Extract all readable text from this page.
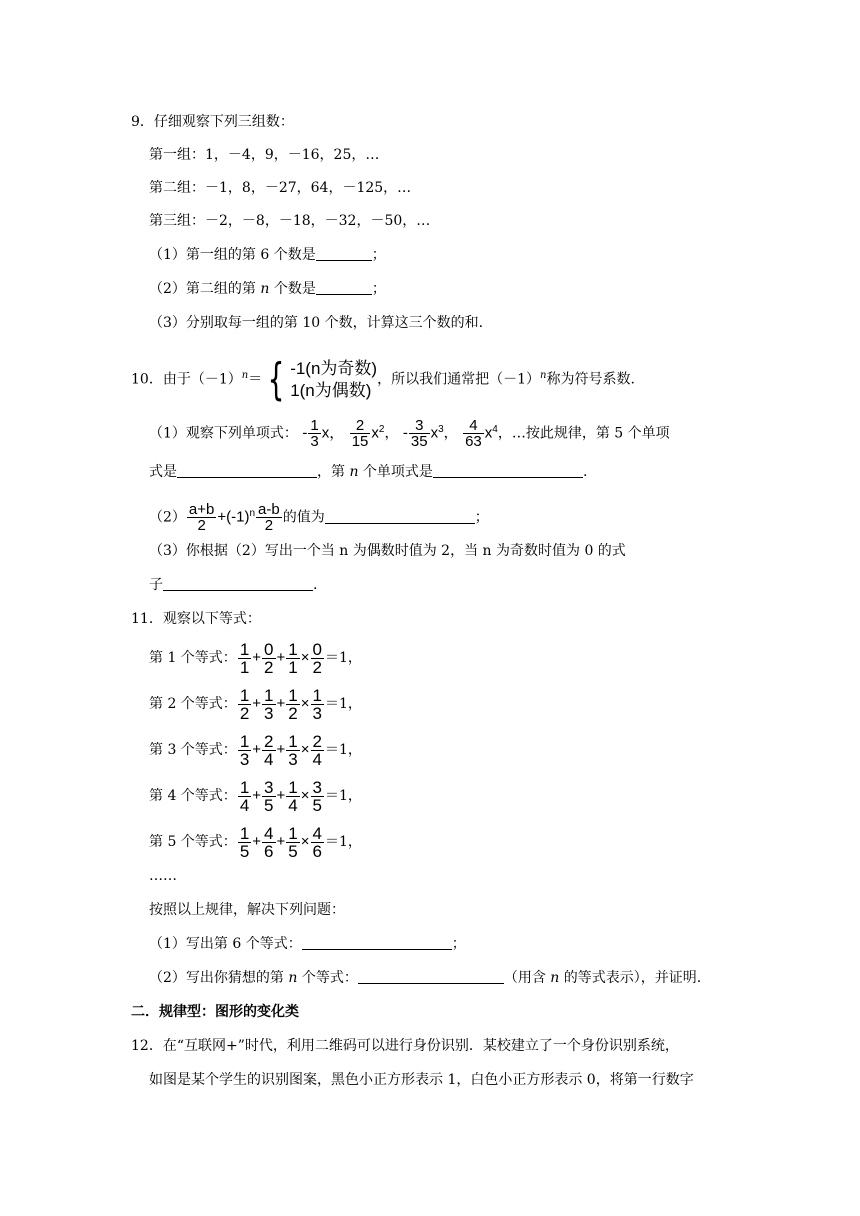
9．仔细观察下列三组数：
第一组：1，－4，9，－16，25，…
第二组：－1，8，－27，64，－125，…
第三组：－2，－8，－18，－32，－50，…
（1）第一组的第 6 个数是	；
（2）第二组的第 n 个数是	；
（3）分别取每一组的第 10 个数，计算这三个数的和.
10．由于$(-1)^n=$ { -1(n为奇数)
1(n为偶数)
，所以我们通常把$(-1)^n$称为符号系数.
（1）观察下列单项式： - $\frac{1}{3}$ x， $\frac{2}{15} x^2$， - $\frac{3}{35} x^3$， $\frac{4}{63} x^4$，…按此规律，第 5 个单项
式是	，第 n 个单项式是	.
$(2) \frac{a+b}{2} +(-1)^n \frac{a-b}{2}$ 的值为	；
（3）你根据（2）写出一个当 n 为偶数时值为 2，当 n 为奇数时值为 0 的式
子	.
11．观察以下等式：
第 1 个等式： $\frac{1}{1} + \frac{0}{2} + \frac{1}{1} \times \frac{0}{2} =1$，
第 2 个等式： $\frac{1}{2} + \frac{1}{3} + \frac{1}{2} \times \frac{1}{3} =1$，
第 3 个等式： $\frac{1}{3} + \frac{2}{4} + \frac{1}{3} \times \frac{2}{4} =1$，
第 4 个等式： $\frac{1}{4} + \frac{3}{5} + \frac{1}{4} \times \frac{3}{5} =1$，
第 5 个等式： $\frac{1}{5} + \frac{4}{6} + \frac{1}{5} \times \frac{4}{6} =1$，
……
按照以上规律，解决下列问题：
（1）写出第 6 个等式：	；
（2）写出你猜想的第 n 个等式：	（用含 n 的等式表示），并证明.
二．规律型：图形的变化类
12．在“互联网+”时代，利用二维码可以进行身份识别．某校建立了一个身份识别系统，
如图是某个学生的识别图案，黑色小正方形表示 1，白色小正方形表示 0，将第一行数字
